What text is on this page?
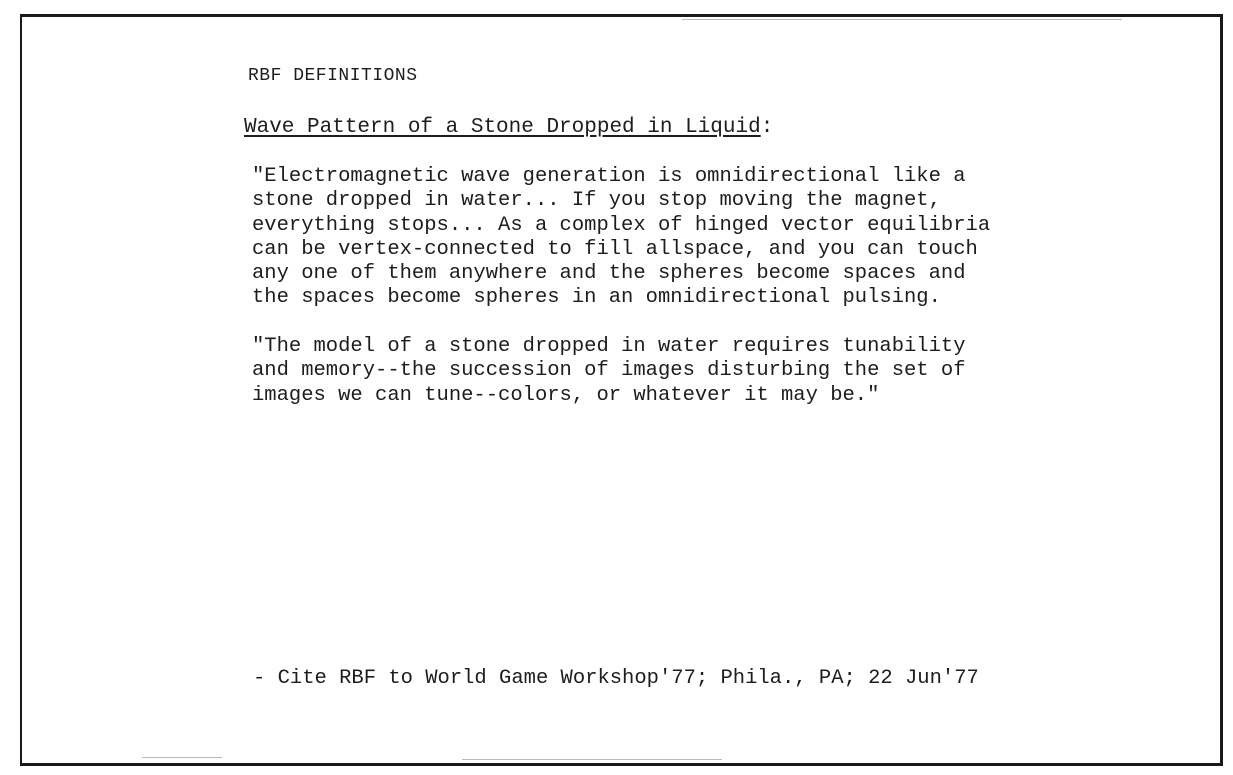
RBF DEFINITIONS
Wave Pattern of a Stone Dropped in Liquid:

"Electromagnetic wave generation is omnidirectional like a
stone dropped in water... If you stop moving the magnet,
everything stops... As a complex of hinged vector equilibria
can be vertex-connected to fill allspace, and you can touch
any one of them anywhere and the spheres become spaces and
the spaces become spheres in an omnidirectional pulsing.

"The model of a stone dropped in water requires tunability
and memory--the succession of images disturbing the set of
images we can tune--colors, or whatever it may be."

- Cite RBF to World Game Workshop'77; Phila., PA; 22 Jun'77
